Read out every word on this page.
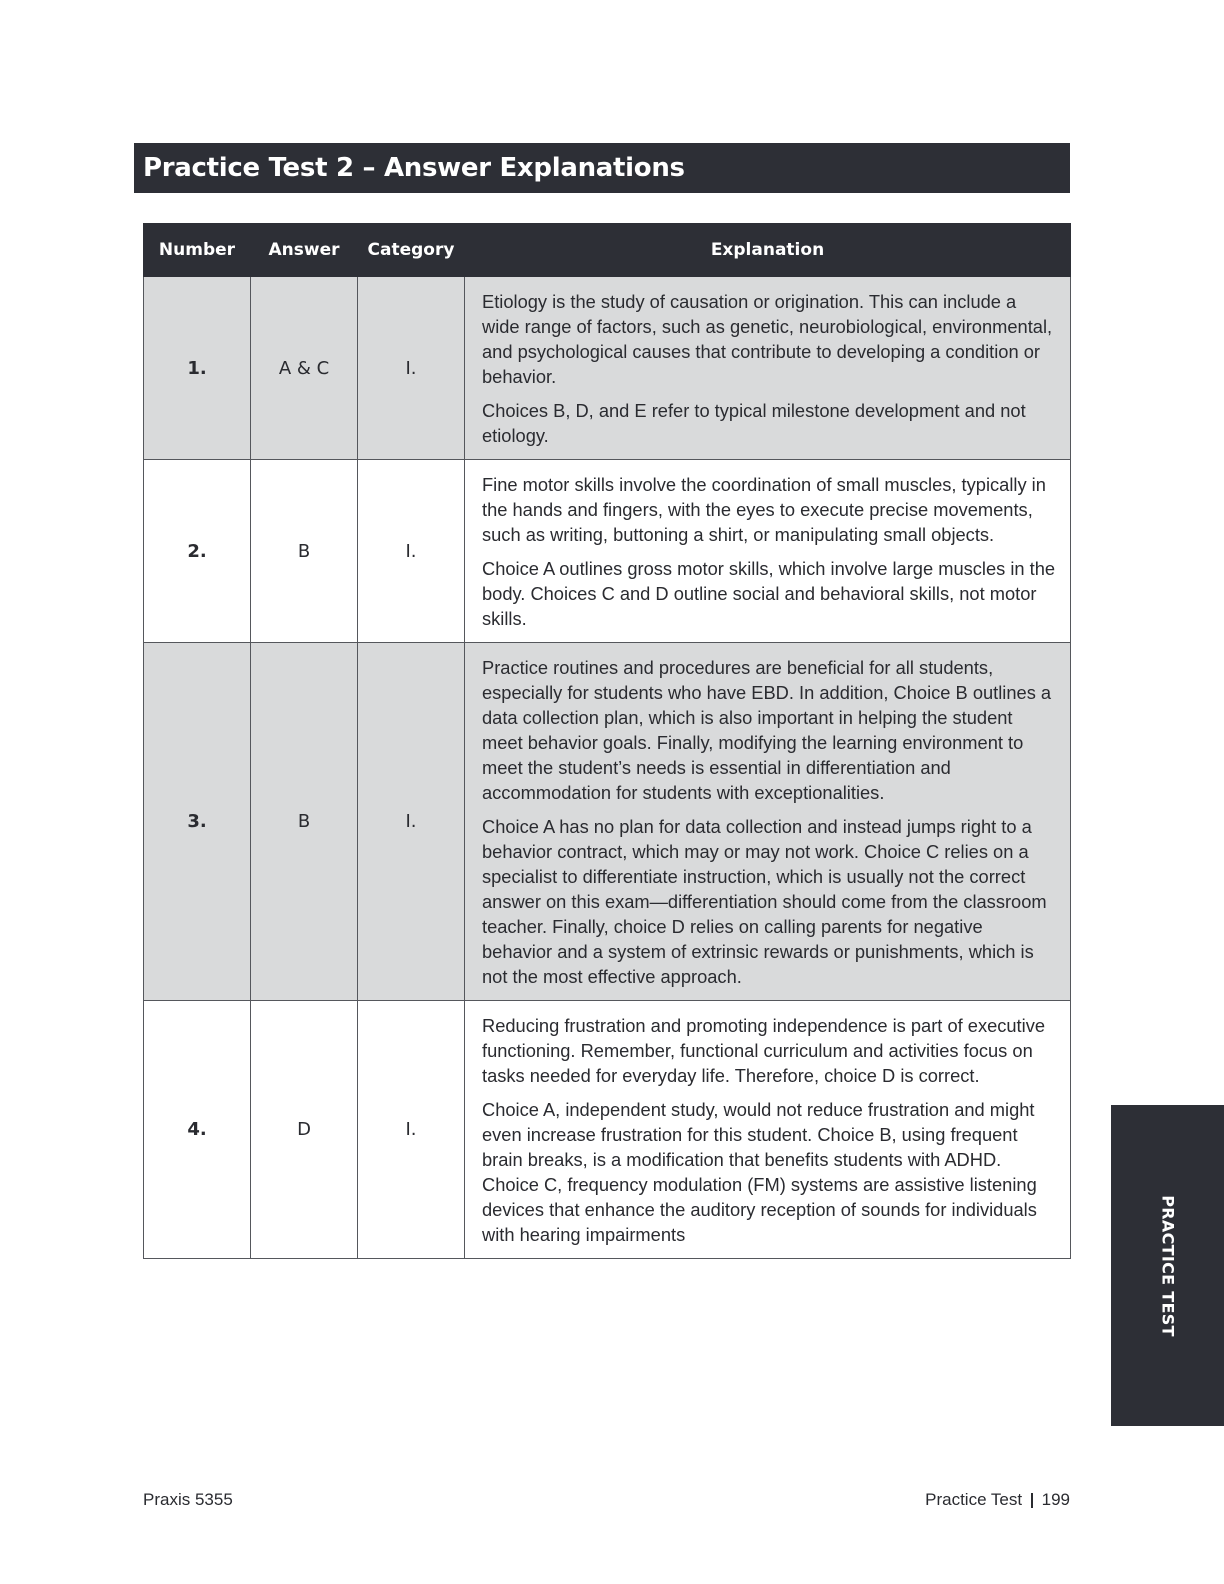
Practice Test 2 – Answer Explanations
Number	Answer	Category	Explanation
1.	A & C	I.	Etiology is the study of causation or origination. This can include a wide range of factors, such as genetic, neurobiological, environmental, and psychological causes that contribute to developing a condition or behavior.

Choices B, D, and E refer to typical milestone development and not etiology.

2.	B	I.	Fine motor skills involve the coordination of small muscles, typically in the hands and fingers, with the eyes to execute precise movements, such as writing, buttoning a shirt, or manipulating small objects.

Choice A outlines gross motor skills, which involve large muscles in the body. Choices C and D outline social and behavioral skills, not motor skills.

3.	B	I.	Practice routines and procedures are beneficial for all students, especially for students who have EBD. In addition, Choice B outlines a data collection plan, which is also important in helping the student meet behavior goals. Finally, modifying the learning environment to meet the student’s needs is essential in differentiation and accommodation for students with exceptionalities.

Choice A has no plan for data collection and instead jumps right to a behavior contract, which may or may not work. Choice C relies on a specialist to differentiate instruction, which is usually not the correct answer on this exam—differentiation should come from the classroom teacher. Finally, choice D relies on calling parents for negative behavior and a system of extrinsic rewards or punishments, which is not the most effective approach.

4.	D	I.	Reducing frustration and promoting independence is part of executive functioning. Remember, functional curriculum and activities focus on tasks needed for everyday life. Therefore, choice D is correct.

Choice A, independent study, would not reduce frustration and might even increase frustration for this student. Choice B, using frequent brain breaks, is a modification that benefits students with ADHD. Choice C, frequency modulation (FM) systems are assistive listening devices that enhance the auditory reception of sounds for individuals with hearing impairments	PRACTICE TEST
Praxis 5355	Practice Test 199
